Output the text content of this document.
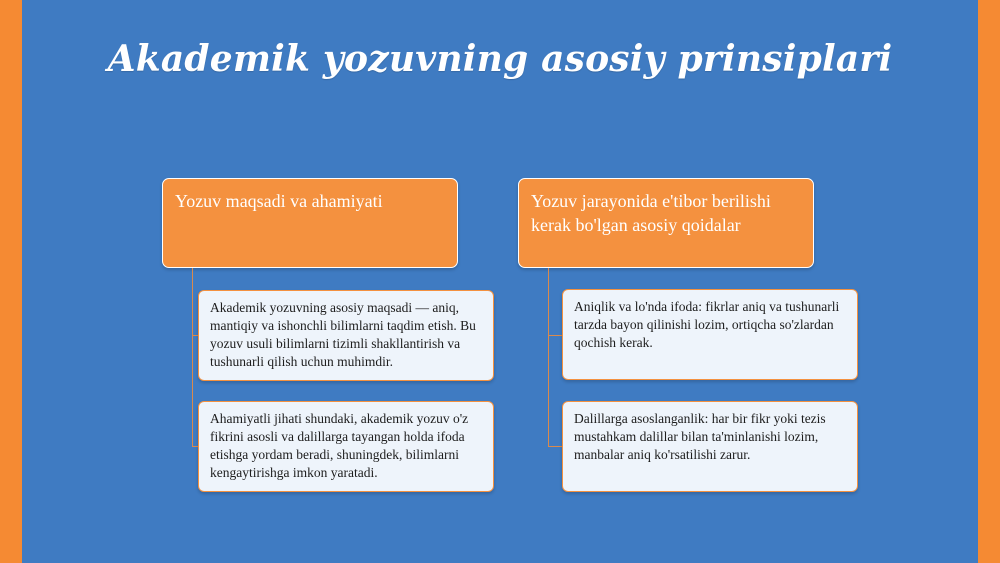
Akademik yozuvning asosiy prinsiplari
Yozuv maqsadi va ahamiyati
Akademik yozuvning asosiy maqsadi — aniq, mantiqiy va ishonchli bilimlarni taqdim etish. Bu yozuv usuli bilimlarni tizimli shakllantirish va tushunarli qilish uchun muhimdir.
Ahamiyatli jihati shundaki, akademik yozuv o'z fikrini asosli va dalillarga tayangan holda ifoda etishga yordam beradi, shuningdek, bilimlarni kengaytirishga imkon yaratadi.
Yozuv jarayonida e'tibor berilishi kerak bo'lgan asosiy qoidalar
Aniqlik va lo'nda ifoda: fikrlar aniq va tushunarli tarzda bayon qilinishi lozim, ortiqcha so'zlardan qochish kerak.
Dalillarga asoslanganlik: har bir fikr yoki tezis mustahkam dalillar bilan ta'minlanishi lozim, manbalar aniq ko'rsatilishi zarur.
